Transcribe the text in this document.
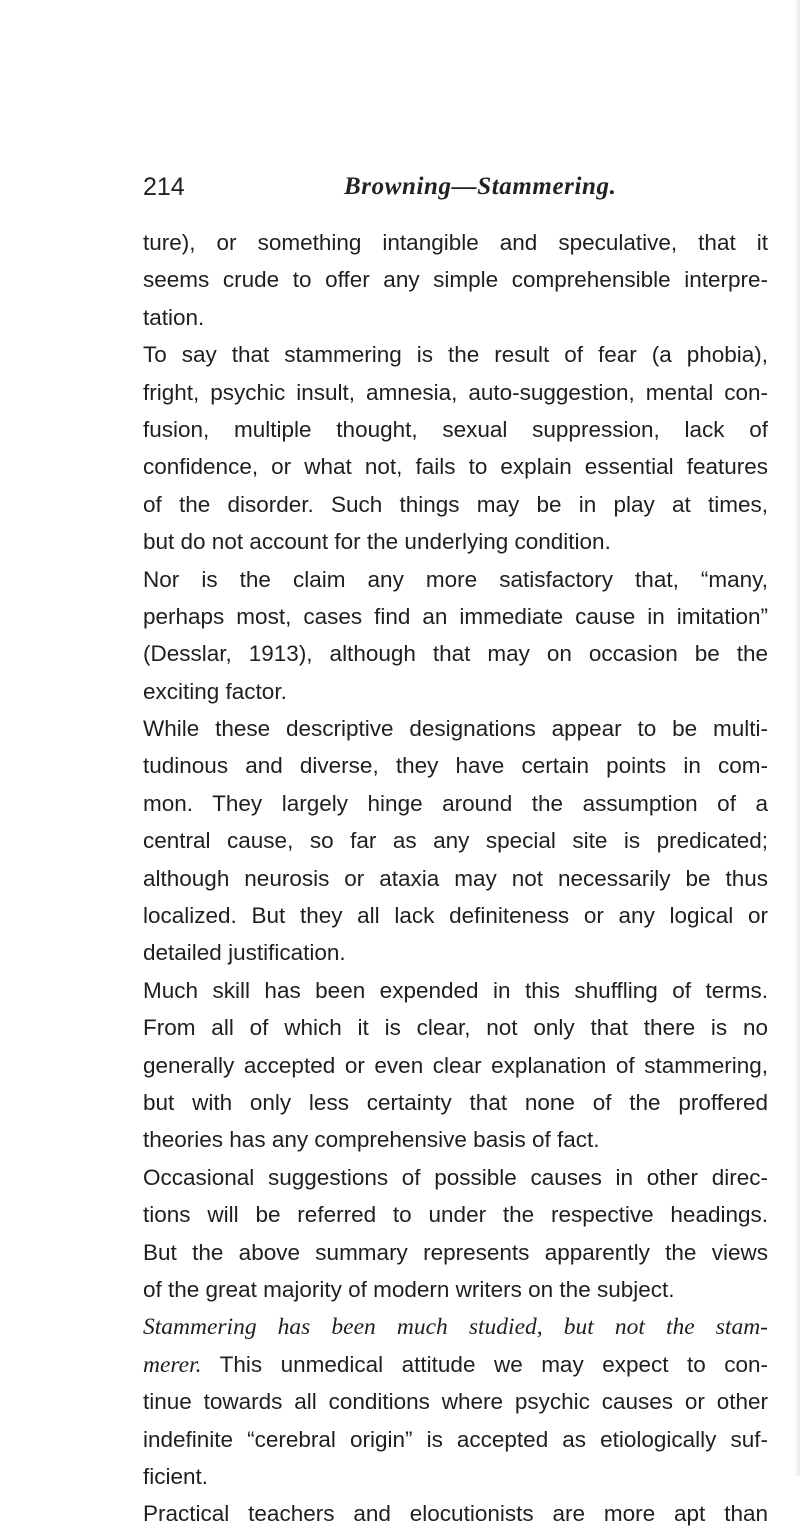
214	Browning—Stammering.
ture), or something intangible and speculative, that it
seems crude to offer any simple comprehensible interpre-
tation.
To say that stammering is the result of fear (a phobia),
fright, psychic insult, amnesia, auto-suggestion, mental con-
fusion, multiple thought, sexual suppression, lack of
confidence, or what not, fails to explain essential features
of the disorder. Such things may be in play at times,
but do not account for the underlying condition.
Nor is the claim any more satisfactory that, “many,
perhaps most, cases find an immediate cause in imitation”
(Desslar, 1913), although that may on occasion be the
exciting factor.
While these descriptive designations appear to be multi-
tudinous and diverse, they have certain points in com-
mon. They largely hinge around the assumption of a
central cause, so far as any special site is predicated;
although neurosis or ataxia may not necessarily be thus
localized. But they all lack definiteness or any logical or
detailed justification.
Much skill has been expended in this shuffling of terms.
From all of which it is clear, not only that there is no
generally accepted or even clear explanation of stammering,
but with only less certainty that none of the proffered
theories has any comprehensive basis of fact.
Occasional suggestions of possible causes in other direc-
tions will be referred to under the respective headings.
But the above summary represents apparently the views
of the great majority of modern writers on the subject.
Stammering has been much studied, but not the stam-
merer. This unmedical attitude we may expect to con-
tinue towards all conditions where psychic causes or other
indefinite “cerebral origin” is accepted as etiologically suf-
ficient.
Practical teachers and elocutionists are more apt than
